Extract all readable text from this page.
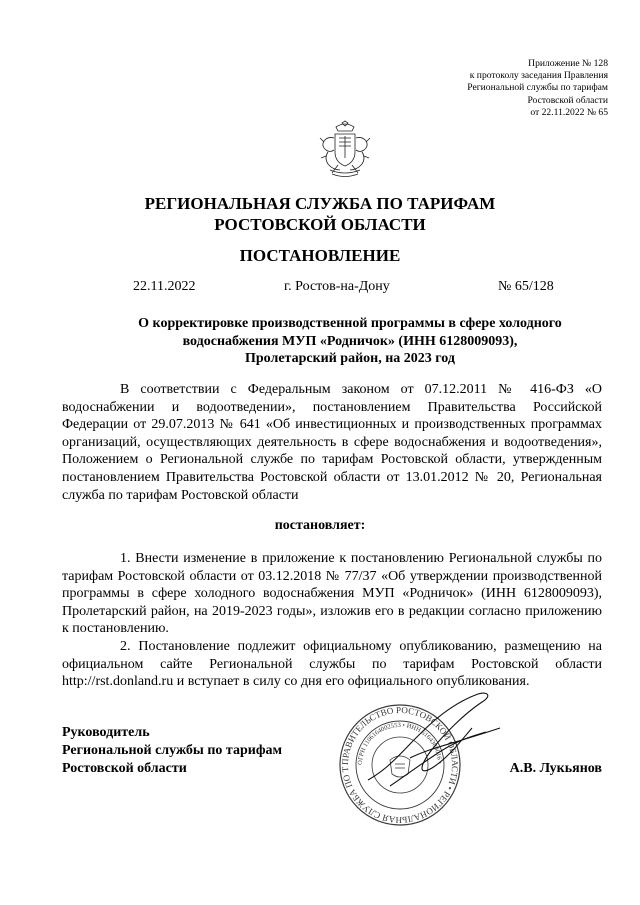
Приложение № 128
к протоколу заседания Правления
Региональной службы по тарифам
Ростовской области
от 22.11.2022 № 65
РЕГИОНАЛЬНАЯ СЛУЖБА ПО ТАРИФАМ
РОСТОВСКОЙ ОБЛАСТИ
ПОСТАНОВЛЕНИЕ
22.11.2022	г. Ростов-на-Дону	№ 65/128
О корректировке производственной программы в сфере холодного
водоснабжения МУП «Родничок» (ИНН 6128009093),
Пролетарский район, на 2023 год
В соответствии с Федеральным законом от 07.12.2011 № 416-ФЗ «О водоснабжении и водоотведении», постановлением Правительства Российской Федерации от 29.07.2013 № 641 «Об инвестиционных и производственных программах организаций, осуществляющих деятельность в сфере водоснабжения и водоотведения», Положением о Региональной службе по тарифам Ростовской области, утвержденным постановлением Правительства Ростовской области от 13.01.2012 № 20, Региональная служба по тарифам Ростовской области
постановляет:
1. Внести изменение в приложение к постановлению Региональной службы по тарифам Ростовской области от 03.12.2018 № 77/37 «Об утверждении производственной программы в сфере холодного водоснабжения МУП «Родничок» (ИНН 6128009093), Пролетарский район, на 2019-2023 годы», изложив его в редакции согласно приложению к постановлению.
2. Постановление подлежит официальному опубликованию, размещению на официальном сайте Региональной службы по тарифам Ростовской области http://rst.donland.ru и вступает в силу со дня его официального опубликования.
ПРАВИТЕЛЬСТВО РОСТОВСКОЙ ОБЛАСТИ • РЕГИОНАЛЬНАЯ СЛУЖБА ПО Т
ОГРН 1106164002553 • ИНН 6164300016 •
Руководитель
Региональной службы по тарифам
Ростовской области	А.В. Лукьянов
